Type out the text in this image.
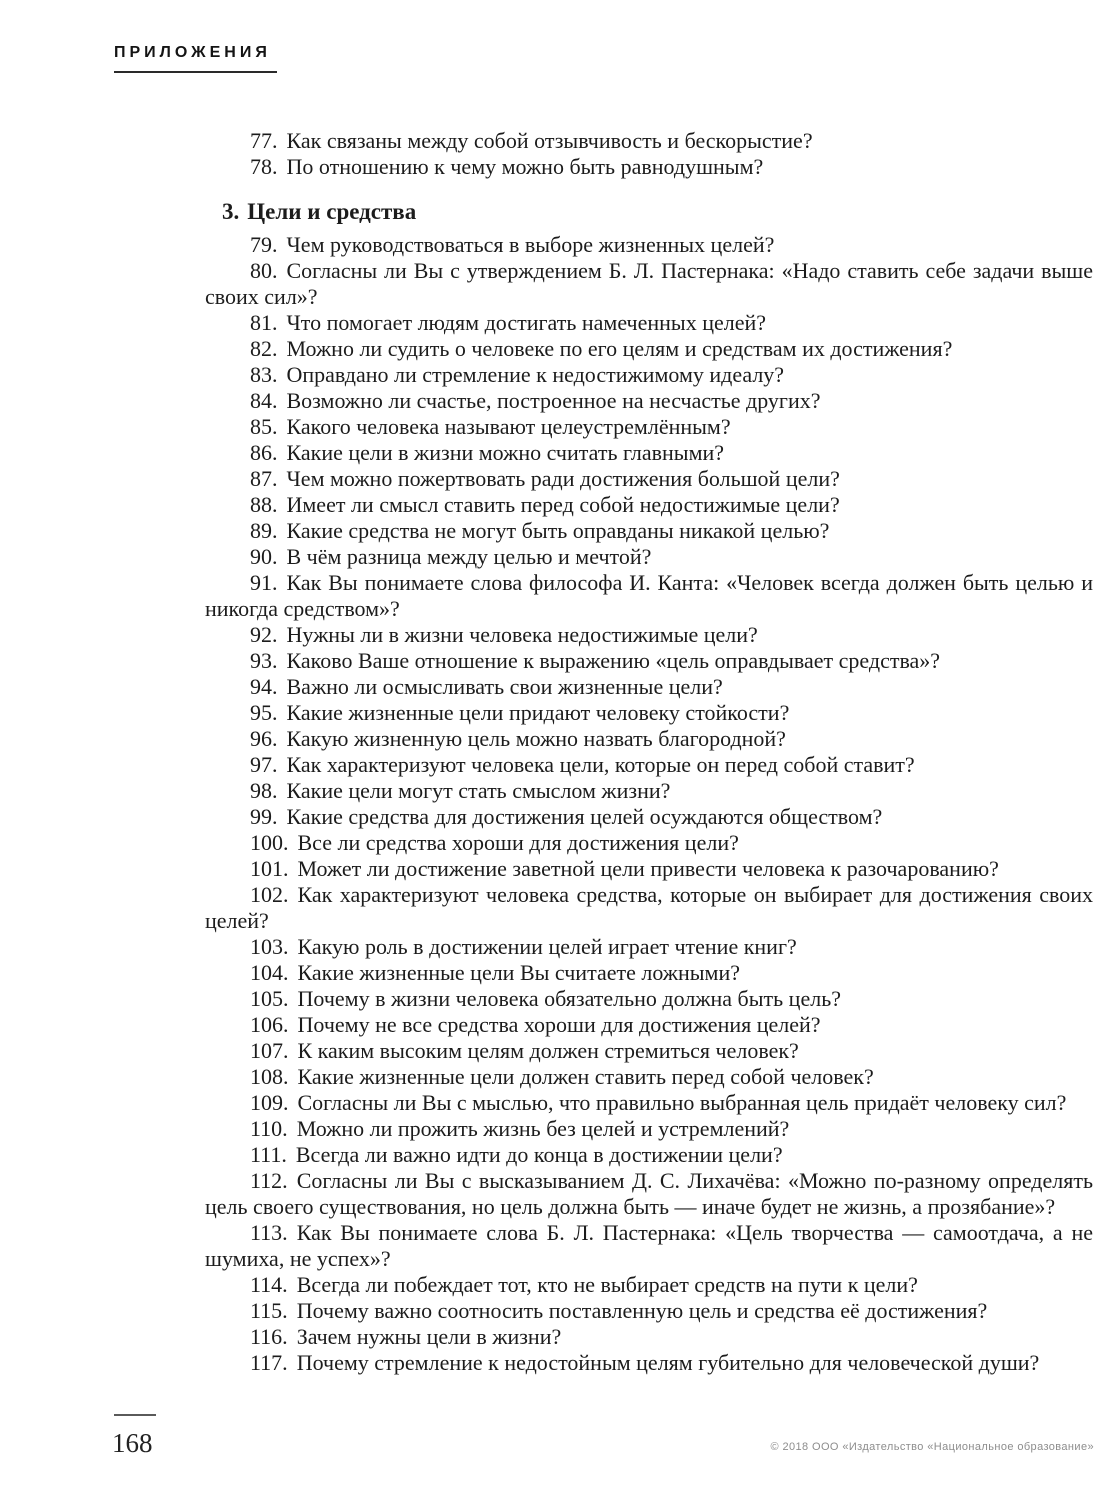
ПРИЛОЖЕНИЯ

77. Как связаны между собой отзывчивость и бескорыстие?

78. По отношению к чему можно быть равнодушным?

3. Цели и средства

79. Чем руководствоваться в выборе жизненных целей?

80. Согласны ли Вы с утверждением Б. Л. Пастернака: «Надо ставить себе задачи выше своих сил»?

81. Что помогает людям достигать намеченных целей?

82. Можно ли судить о человеке по его целям и средствам их достижения?

83. Оправдано ли стремление к недостижимому идеалу?

84. Возможно ли счастье, построенное на несчастье других?

85. Какого человека называют целеустремлённым?

86. Какие цели в жизни можно считать главными?

87. Чем можно пожертвовать ради достижения большой цели?

88. Имеет ли смысл ставить перед собой недостижимые цели?

89. Какие средства не могут быть оправданы никакой целью?

90. В чём разница между целью и мечтой?

91. Как Вы понимаете слова философа И. Канта: «Человек всегда должен быть целью и никогда средством»?

92. Нужны ли в жизни человека недостижимые цели?

93. Каково Ваше отношение к выражению «цель оправдывает средства»?

94. Важно ли осмысливать свои жизненные цели?

95. Какие жизненные цели придают человеку стойкости?

96. Какую жизненную цель можно назвать благородной?

97. Как характеризуют человека цели, которые он перед собой ставит?

98. Какие цели могут стать смыслом жизни?

99. Какие средства для достижения целей осуждаются обществом?

100. Все ли средства хороши для достижения цели?

101. Может ли достижение заветной цели привести человека к разочарованию?

102. Как характеризуют человека средства, которые он выбирает для достижения своих целей?

103. Какую роль в достижении целей играет чтение книг?

104. Какие жизненные цели Вы считаете ложными?

105. Почему в жизни человека обязательно должна быть цель?

106. Почему не все средства хороши для достижения целей?

107. К каким высоким целям должен стремиться человек?

108. Какие жизненные цели должен ставить перед собой человек?

109. Согласны ли Вы с мыслью, что правильно выбранная цель придаёт человеку сил?

110. Можно ли прожить жизнь без целей и устремлений?

111. Всегда ли важно идти до конца в достижении цели?

112. Согласны ли Вы с высказыванием Д. С. Лихачёва: «Можно по-разному определять цель своего существования, но цель должна быть — иначе будет не жизнь, а прозябание»?

113. Как Вы понимаете слова Б. Л. Пастернака: «Цель творчества — самоотдача, а не шумиха, не успех»?

114. Всегда ли побеждает тот, кто не выбирает средств на пути к цели?

115. Почему важно соотносить поставленную цель и средства её достижения?

116. Зачем нужны цели в жизни?

117. Почему стремление к недостойным целям губительно для человеческой души?

168	© 2018 ООО «Издательство «Национальное образование»
